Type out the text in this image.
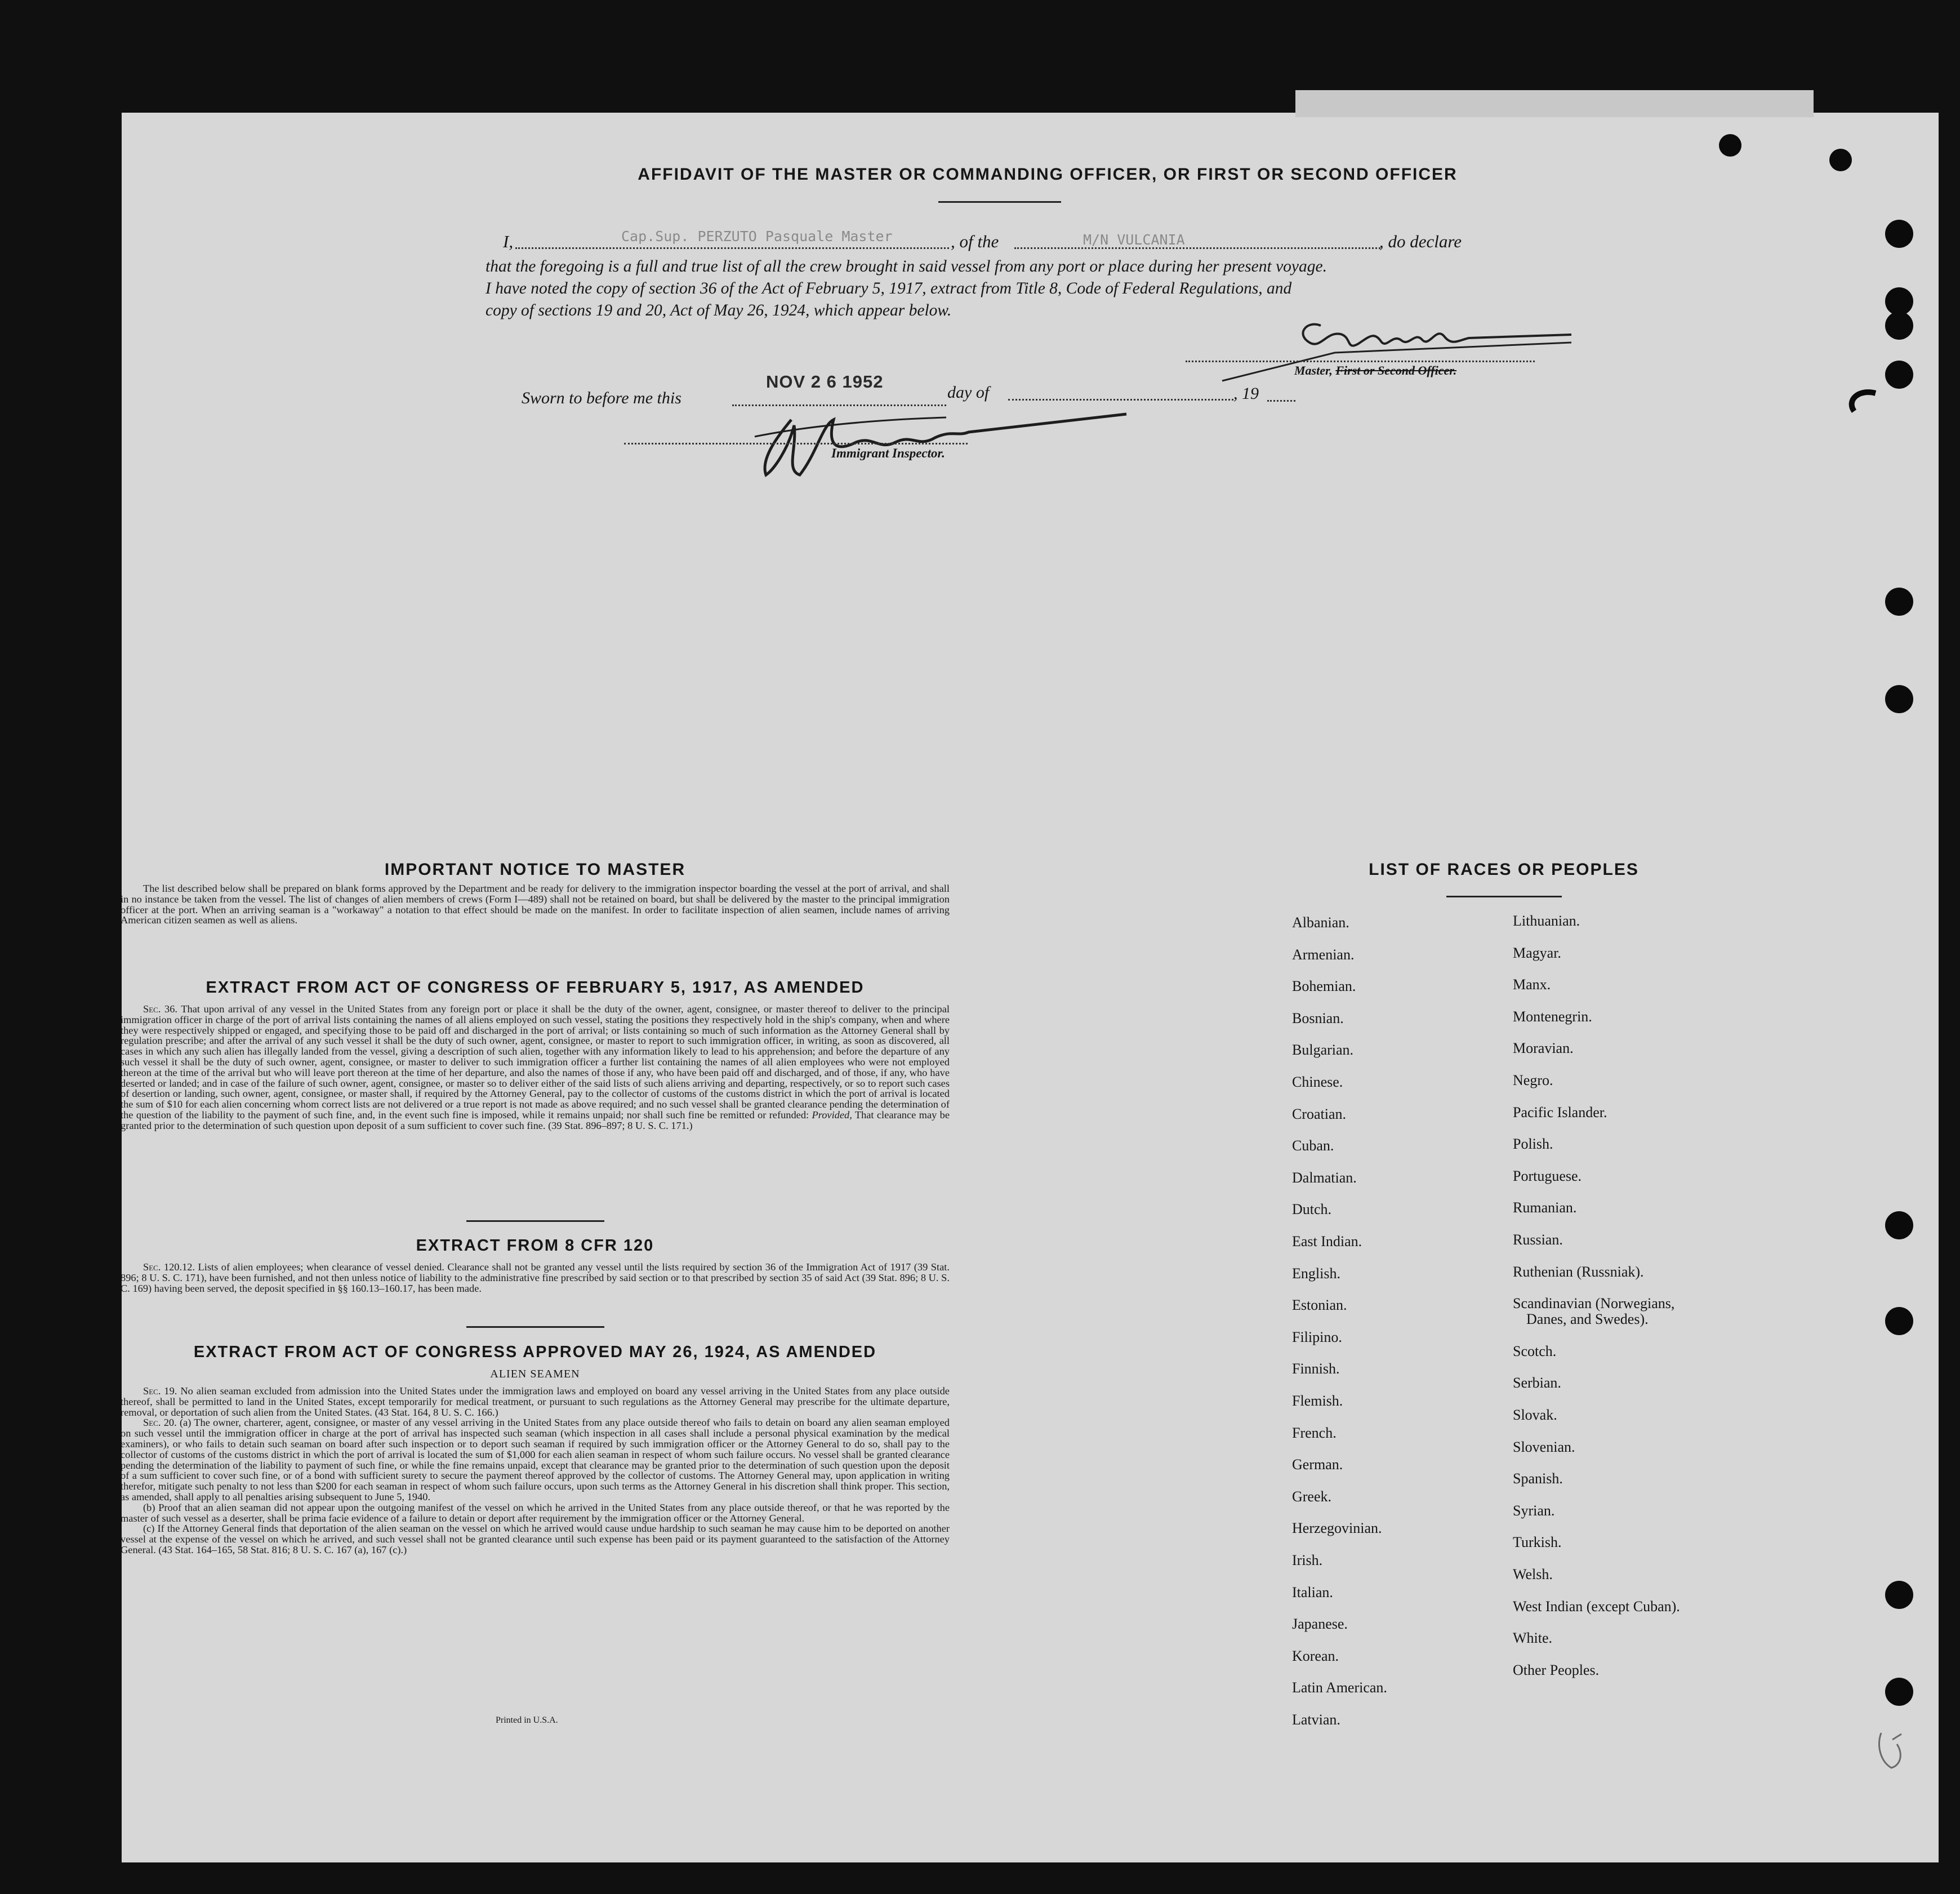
AFFIDAVIT OF THE MASTER OR COMMANDING OFFICER, OR FIRST OR SECOND OFFICER
I,	Cap.Sup. PERZUTO Pasquale Master	, of the	M/N VULCANIA	, do declare
that the foregoing is a full and true list of all the crew brought in said vessel from any port or place during her present voyage.
I have noted the copy of section 36 of the Act of February 5, 1917, extract from Title 8, Code of Federal Regulations, and
copy of sections 19 and 20, Act of May 26, 1924, which appear below.
Master, First or Second Officer.
Sworn to before me this
NOV 2 6 1952
day of	, 19
Immigrant Inspector.
IMPORTANT NOTICE TO MASTER

The list described below shall be prepared on blank forms approved by the Department and be ready for delivery to the immigration inspector boarding the vessel at the port of arrival, and shall in no instance be taken from the vessel. The list of changes of alien members of crews (Form I—489) shall not be retained on board, but shall be delivered by the master to the principal immigration officer at the port. When an arriving seaman is a "workaway" a notation to that effect should be made on the manifest. In order to facilitate inspection of alien seamen, include names of arriving American citizen seamen as well as aliens.

EXTRACT FROM ACT OF CONGRESS OF FEBRUARY 5, 1917, AS AMENDED

Sec. 36. That upon arrival of any vessel in the United States from any foreign port or place it shall be the duty of the owner, agent, consignee, or master thereof to deliver to the principal immigration officer in charge of the port of arrival lists containing the names of all aliens employed on such vessel, stating the positions they respectively hold in the ship's company, when and where they were respectively shipped or engaged, and specifying those to be paid off and discharged in the port of arrival; or lists containing so much of such information as the Attorney General shall by regulation prescribe; and after the arrival of any such vessel it shall be the duty of such owner, agent, consignee, or master to report to such immigration officer, in writing, as soon as discovered, all cases in which any such alien has illegally landed from the vessel, giving a description of such alien, together with any information likely to lead to his apprehension; and before the departure of any such vessel it shall be the duty of such owner, agent, consignee, or master to deliver to such immigration officer a further list containing the names of all alien employees who were not employed thereon at the time of the arrival but who will leave port thereon at the time of her departure, and also the names of those if any, who have been paid off and discharged, and of those, if any, who have deserted or landed; and in case of the failure of such owner, agent, consignee, or master so to deliver either of the said lists of such aliens arriving and departing, respectively, or so to report such cases of desertion or landing, such owner, agent, consignee, or master shall, if required by the Attorney General, pay to the collector of customs of the customs district in which the port of arrival is located the sum of $10 for each alien concerning whom correct lists are not delivered or a true report is not made as above required; and no such vessel shall be granted clearance pending the determination of the question of the liability to the payment of such fine, and, in the event such fine is imposed, while it remains unpaid; nor shall such fine be remitted or refunded: Provided, That clearance may be granted prior to the determination of such question upon deposit of a sum sufficient to cover such fine. (39 Stat. 896–897; 8 U. S. C. 171.)

EXTRACT FROM 8 CFR 120

Sec. 120.12. Lists of alien employees; when clearance of vessel denied. Clearance shall not be granted any vessel until the lists required by section 36 of the Immigration Act of 1917 (39 Stat. 896; 8 U. S. C. 171), have been furnished, and not then unless notice of liability to the administrative fine prescribed by said section or to that prescribed by section 35 of said Act (39 Stat. 896; 8 U. S. C. 169) having been served, the deposit specified in §§ 160.13–160.17, has been made.

EXTRACT FROM ACT OF CONGRESS APPROVED MAY 26, 1924, AS AMENDED
ALIEN SEAMEN

Sec. 19. No alien seaman excluded from admission into the United States under the immigration laws and employed on board any vessel arriving in the United States from any place outside thereof, shall be permitted to land in the United States, except temporarily for medical treatment, or pursuant to such regulations as the Attorney General may prescribe for the ultimate departure, removal, or deportation of such alien from the United States. (43 Stat. 164, 8 U. S. C. 166.)

Sec. 20. (a) The owner, charterer, agent, consignee, or master of any vessel arriving in the United States from any place outside thereof who fails to detain on board any alien seaman employed on such vessel until the immigration officer in charge at the port of arrival has inspected such seaman (which inspection in all cases shall include a personal physical examination by the medical examiners), or who fails to detain such seaman on board after such inspection or to deport such seaman if required by such immigration officer or the Attorney General to do so, shall pay to the collector of customs of the customs district in which the port of arrival is located the sum of $1,000 for each alien seaman in respect of whom such failure occurs. No vessel shall be granted clearance pending the determination of the liability to payment of such fine, or while the fine remains unpaid, except that clearance may be granted prior to the determination of such question upon the deposit of a sum sufficient to cover such fine, or of a bond with sufficient surety to secure the payment thereof approved by the collector of customs. The Attorney General may, upon application in writing therefor, mitigate such penalty to not less than $200 for each seaman in respect of whom such failure occurs, upon such terms as the Attorney General in his discretion shall think proper. This section, as amended, shall apply to all penalties arising subsequent to June 5, 1940.

(b) Proof that an alien seaman did not appear upon the outgoing manifest of the vessel on which he arrived in the United States from any place outside thereof, or that he was reported by the master of such vessel as a deserter, shall be prima facie evidence of a failure to detain or deport after requirement by the immigration officer or the Attorney General.

(c) If the Attorney General finds that deportation of the alien seaman on the vessel on which he arrived would cause undue hardship to such seaman he may cause him to be deported on another vessel at the expense of the vessel on which he arrived, and such vessel shall not be granted clearance until such expense has been paid or its payment guaranteed to the satisfaction of the Attorney General. (43 Stat. 164–165, 58 Stat. 816; 8 U. S. C. 167 (a), 167 (c).)

Printed in U.S.A.
LIST OF RACES OR PEOPLES
Albanian.
Armenian.
Bohemian.
Bosnian.
Bulgarian.
Chinese.
Croatian.
Cuban.
Dalmatian.
Dutch.
East Indian.
English.
Estonian.
Filipino.
Finnish.
Flemish.
French.
German.
Greek.
Herzegovinian.
Irish.
Italian.
Japanese.
Korean.
Latin American.
Latvian.
Lithuanian.
Magyar.
Manx.
Montenegrin.
Moravian.
Negro.
Pacific Islander.
Polish.
Portuguese.
Rumanian.
Russian.
Ruthenian (Russniak).
Scandinavian (Norwegians,
Danes, and Swedes).
Scotch.
Serbian.
Slovak.
Slovenian.
Spanish.
Syrian.
Turkish.
Welsh.
West Indian (except Cuban).
White.
Other Peoples.
